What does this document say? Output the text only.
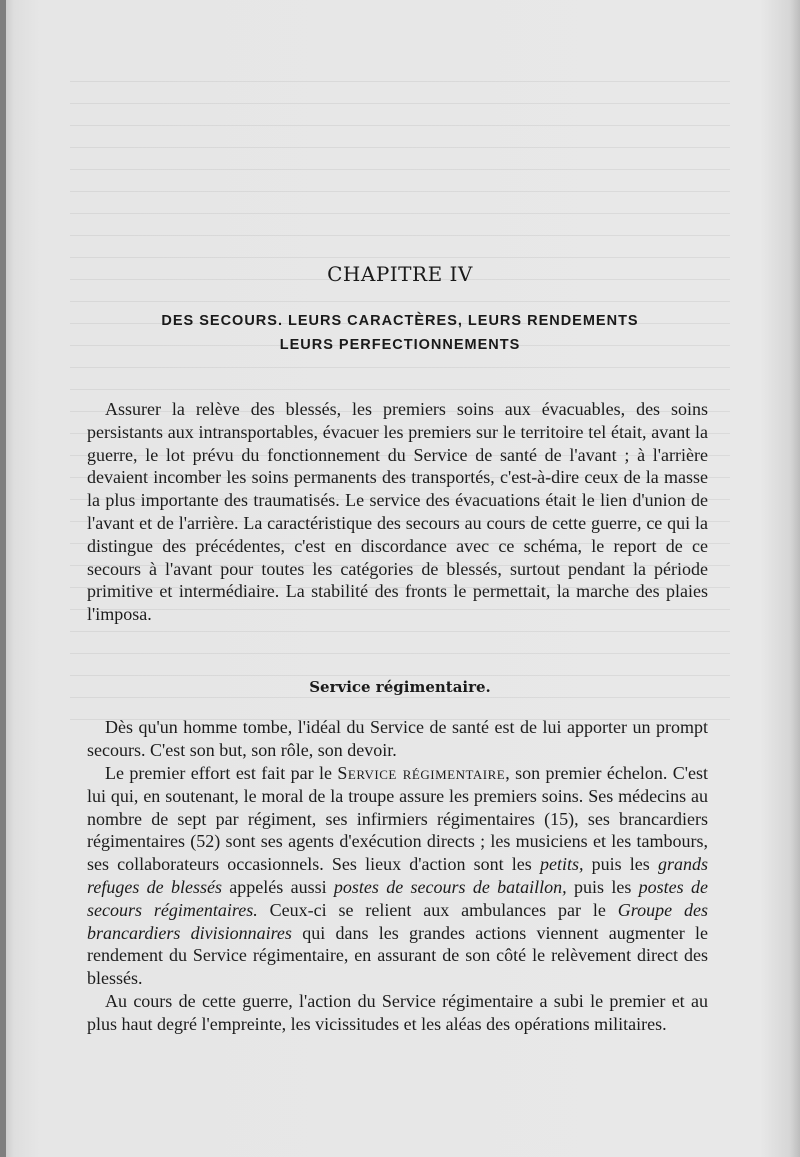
CHAPITRE IV
DES SECOURS. LEURS CARACTÈRES, LEURS RENDEMENTS
LEURS PERFECTIONNEMENTS

Assurer la relève des blessés, les premiers soins aux évacuables, des soins persistants aux intransportables, évacuer les premiers sur le territoire tel était, avant la guerre, le lot prévu du fonctionnement du Service de santé de l'avant ; à l'arrière devaient incomber les soins permanents des transportés, c'est-à-dire ceux de la masse la plus importante des traumatisés. Le service des évacuations était le lien d'union de l'avant et de l'arrière. La caractéristique des secours au cours de cette guerre, ce qui la distingue des précédentes, c'est en discordance avec ce schéma, le report de ce secours à l'avant pour toutes les catégories de blessés, surtout pendant la période primitive et intermédiaire. La stabilité des fronts le permettait, la marche des plaies l'imposa.

Service régimentaire.

Dès qu'un homme tombe, l'idéal du Service de santé est de lui apporter un prompt secours. C'est son but, son rôle, son devoir.

Le premier effort est fait par le Service régimentaire, son premier échelon. C'est lui qui, en soutenant, le moral de la troupe assure les premiers soins. Ses médecins au nombre de sept par régiment, ses infirmiers régimentaires (15), ses brancardiers régimentaires (52) sont ses agents d'exécution directs ; les musiciens et les tambours, ses collaborateurs occasionnels. Ses lieux d'action sont les petits, puis les grands refuges de blessés appelés aussi postes de secours de bataillon, puis les postes de secours régimentaires. Ceux-ci se relient aux ambulances par le Groupe des brancardiers divisionnaires qui dans les grandes actions viennent augmenter le rendement du Service régimentaire, en assurant de son côté le relèvement direct des blessés.

Au cours de cette guerre, l'action du Service régimentaire a subi le premier et au plus haut degré l'empreinte, les vicissitudes et les aléas des opérations militaires.
